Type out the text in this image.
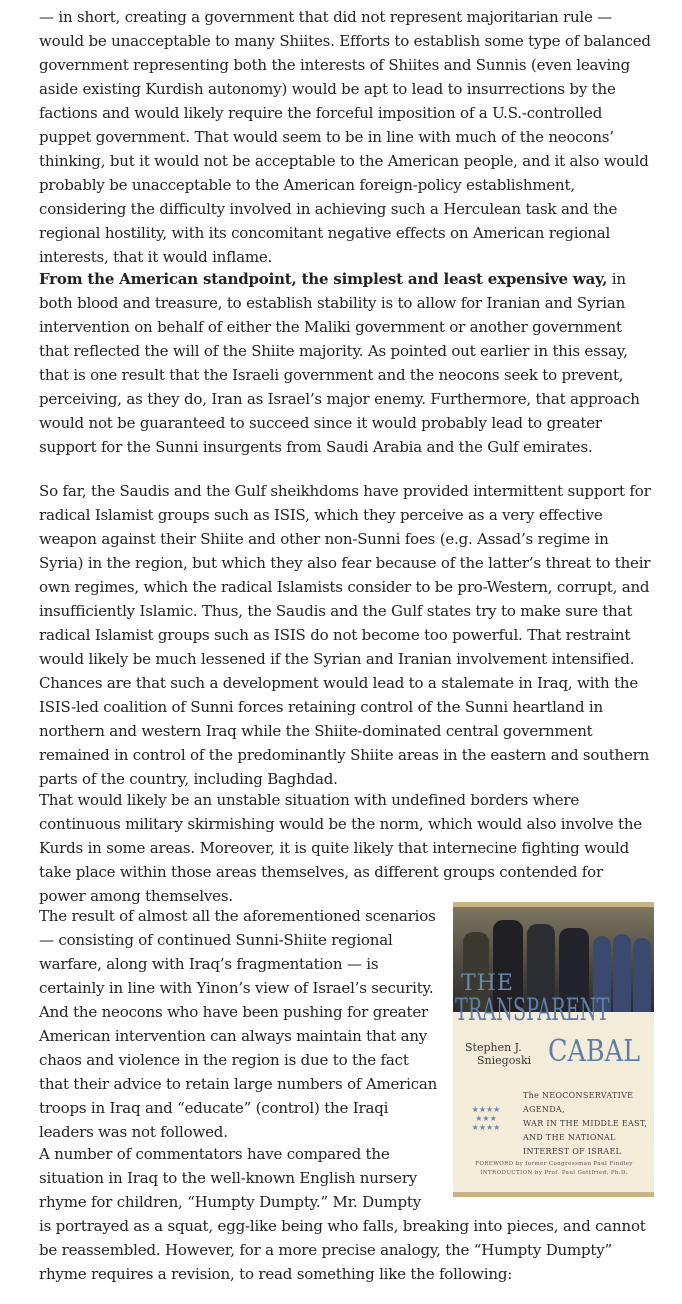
— in short, creating a government that did not represent majoritarian rule — would be unacceptable to many Shiites. Efforts to establish some type of balanced government representing both the interests of Shiites and Sunnis (even leaving aside existing Kurdish autonomy) would be apt to lead to insurrections by the factions and would likely require the forceful imposition of a U.S.-controlled puppet government. That would seem to be in line with much of the neocons’ thinking, but it would not be acceptable to the American people, and it also would probably be unacceptable to the American foreign-policy establishment, considering the difficulty involved in achieving such a Herculean task and the regional hostility, with its concomitant negative effects on American regional interests, that it would inflame.

From the American standpoint, the simplest and least expensive way, in both blood and treasure, to establish stability is to allow for Iranian and Syrian intervention on behalf of either the Maliki government or another government that reflected the will of the Shiite majority. As pointed out earlier in this essay, that is one result that the Israeli government and the neocons seek to prevent, perceiving, as they do, Iran as Israel’s major enemy. Furthermore, that approach would not be guaranteed to succeed since it would probably lead to greater support for the Sunni insurgents from Saudi Arabia and the Gulf emirates.

So far, the Saudis and the Gulf sheikhdoms have provided intermittent support for radical Islamist groups such as ISIS, which they perceive as a very effective weapon against their Shiite and other non-Sunni foes (e.g. Assad’s regime in Syria) in the region, but which they also fear because of the latter’s threat to their own regimes, which the radical Islamists consider to be pro-Western, corrupt, and insufficiently Islamic. Thus, the Saudis and the Gulf states try to make sure that radical Islamist groups such as ISIS do not become too powerful. That restraint would likely be much lessened if the Syrian and Iranian involvement intensified. Chances are that such a development would lead to a stalemate in Iraq, with the ISIS-led coalition of Sunni forces retaining control of the Sunni heartland in northern and western Iraq while the Shiite-dominated central government remained in control of the predominantly Shiite areas in the eastern and southern parts of the country, including Baghdad.

That would likely be an unstable situation with undefined borders where continuous military skirmishing would be the norm, which would also involve the Kurds in some areas. Moreover, it is quite likely that internecine fighting would take place within those areas themselves, as different groups contended for power among themselves.

The result of almost all the aforementioned scenarios — consisting of continued Sunni-Shiite regional warfare, along with Iraq’s fragmentation — is certainly in line with Yinon’s view of Israel’s security. And the neocons who have been pushing for greater American intervention can always maintain that any chaos and violence in the region is due to the fact that their advice to retain large numbers of American troops in Iraq and “educate” (control) the Iraqi leaders was not followed.

A number of commentators have compared the situation in Iraq to the well-known English nursery rhyme for children, “Humpty Dumpty.” Mr. Dumpty is portrayed as a squat, egg-like being who falls, breaking into pieces, and cannot be reassembled. However, for a more precise analogy, the “Humpty Dumpty” rhyme requires a revision, to read something like the following:

THE
TRANSPARENT
Stephen J.
Sniegoski CABAL
★★★★ ★★★ ★★★★
The NEOCONSERVATIVE AGENDA,
WAR IN THE MIDDLE EAST,
AND THE NATIONAL
INTEREST OF ISRAEL
FOREWORD by former Congressman Paul Findley
INTRODUCTION by Prof. Paul Gottfried, Ph.D.
